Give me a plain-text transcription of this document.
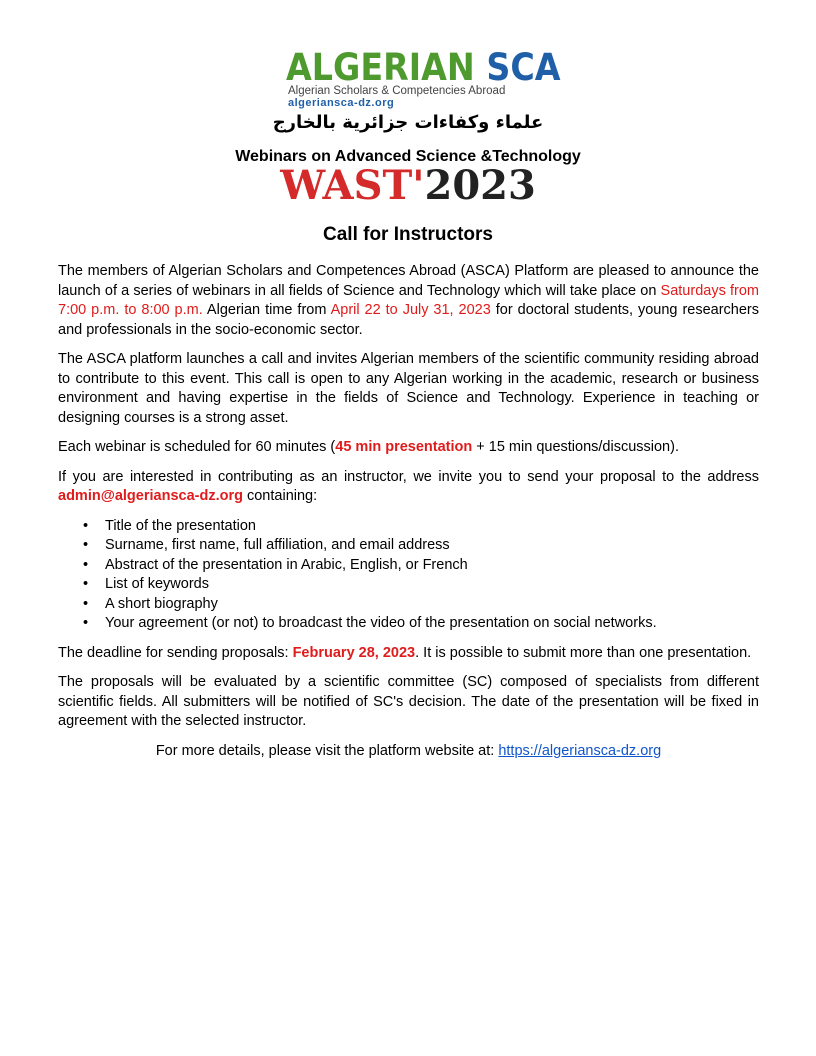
ALGERIAN SCA
Algerian Scholars & Competencies Abroad
algeriansca-dz.org
علماء وكفاءات جزائرية بالخارج
Webinars on Advanced Science &Technology
WAST'2023
Call for Instructors

The members of Algerian Scholars and Competences Abroad (ASCA) Platform are pleased to announce the launch of a series of webinars in all fields of Science and Technology which will take place on Saturdays from 7:00 p.m. to 8:00 p.m. Algerian time from April 22 to July 31, 2023 for doctoral students, young researchers and professionals in the socio-economic sector.

The ASCA platform launches a call and invites Algerian members of the scientific community residing abroad to contribute to this event. This call is open to any Algerian working in the academic, research or business environment and having expertise in the fields of Science and Technology. Experience in teaching or designing courses is a strong asset.

Each webinar is scheduled for 60 minutes (45 min presentation + 15 min questions/discussion).

If you are interested in contributing as an instructor, we invite you to send your proposal to the address admin@algeriansca-dz.org containing:

• Title of the presentation
• Surname, first name, full affiliation, and email address
• Abstract of the presentation in Arabic, English, or French
• List of keywords
• A short biography
• Your agreement (or not) to broadcast the video of the presentation on social networks.

The deadline for sending proposals: February 28, 2023. It is possible to submit more than one presentation.

The proposals will be evaluated by a scientific committee (SC) composed of specialists from different scientific fields. All submitters will be notified of SC's decision. The date of the presentation will be fixed in agreement with the selected instructor.

For more details, please visit the platform website at: https://algeriansca-dz.org
